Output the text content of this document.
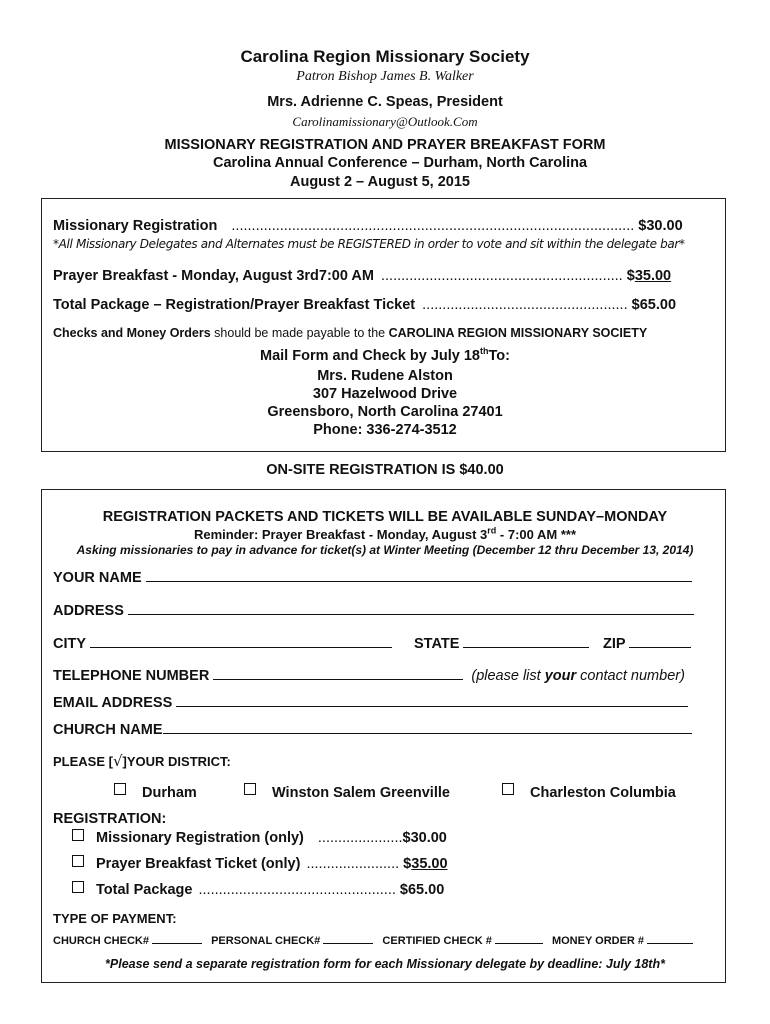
Carolina Region Missionary Society
Patron Bishop James B. Walker
Mrs. Adrienne C. Speas, President
Carolinamissionary@Outlook.Com
MISSIONARY REGISTRATION AND PRAYER BREAKFAST FORM
Carolina Annual Conference – Durham, North Carolina
August 2 – August 5, 2015
Missionary Registration .................................................................................................... $30.00
*All Missionary Delegates and Alternates must be REGISTERED in order to vote and sit within the delegate bar*
Prayer Breakfast - Monday, August 3rd7:00 AM ............................................................ $35.00
Total Package – Registration/Prayer Breakfast Ticket ................................................... $65.00
Checks and Money Orders should be made payable to the CAROLINA REGION MISSIONARY SOCIETY
Mail Form and Check by July 18thTo:
Mrs. Rudene Alston
307 Hazelwood Drive
Greensboro, North Carolina 27401
Phone: 336-274-3512
ON-SITE REGISTRATION IS $40.00
REGISTRATION PACKETS AND TICKETS WILL BE AVAILABLE SUNDAY–MONDAY
Reminder: Prayer Breakfast - Monday, August 3rd - 7:00 AM ***
Asking missionaries to pay in advance for ticket(s) at Winter Meeting (December 12 thru December 13, 2014)
YOUR NAME
ADDRESS
CITY	STATE	ZIP
TELEPHONE NUMBER	(please list your contact number)
EMAIL ADDRESS
CHURCH NAME
PLEASE [√]YOUR DISTRICT:
Durham	Winston Salem Greenville	Charleston Columbia
REGISTRATION:
Missionary Registration (only) .....................$30.00
Prayer Breakfast Ticket (only) ....................... $35.00
Total Package ................................................. $65.00
TYPE OF PAYMENT:
CHURCH CHECK#	PERSONAL CHECK#	CERTIFIED CHECK #	MONEY ORDER #
*Please send a separate registration form for each Missionary delegate by deadline: July 18th*
